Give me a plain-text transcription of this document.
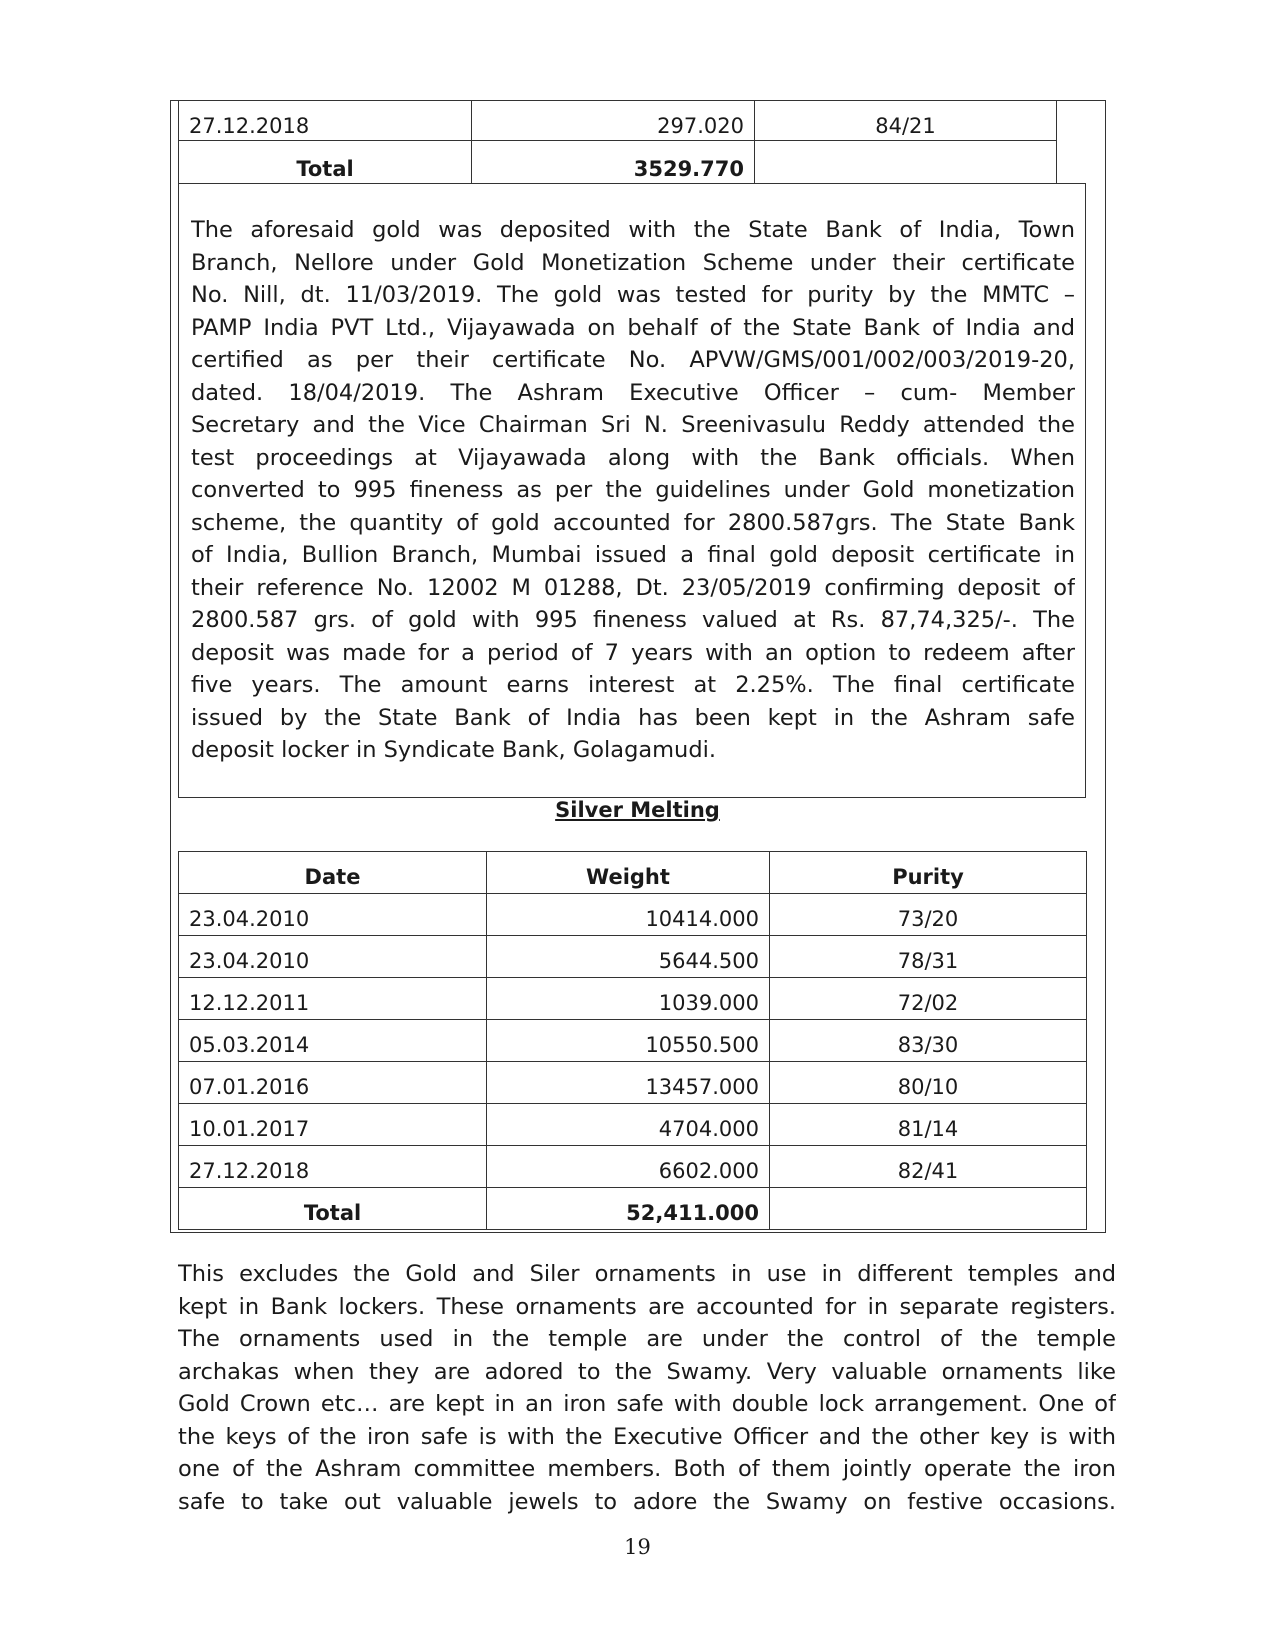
27.12.2018	297.020	84/21
Total	3529.770	

The aforesaid gold was deposited with the State Bank of India, Town
Branch, Nellore under Gold Monetization Scheme under their certificate
No. Nill, dt. 11/03/2019. The gold was tested for purity by the MMTC –
PAMP India PVT Ltd., Vijayawada on behalf of the State Bank of India and
certified as per their certificate No. APVW/GMS/001/002/003/2019-20,
dated. 18/04/2019. The Ashram Executive Officer – cum- Member
Secretary and the Vice Chairman Sri N. Sreenivasulu Reddy attended the
test proceedings at Vijayawada along with the Bank officials. When
converted to 995 fineness as per the guidelines under Gold monetization
scheme, the quantity of gold accounted for 2800.587grs. The State Bank
of India, Bullion Branch, Mumbai issued a final gold deposit certificate in
their reference No. 12002 M 01288, Dt. 23/05/2019 confirming deposit of
2800.587 grs. of gold with 995 fineness valued at Rs. 87,74,325/-. The
deposit was made for a period of 7 years with an option to redeem after
five years. The amount earns interest at 2.25%. The final certificate
issued by the State Bank of India has been kept in the Ashram safe
deposit locker in Syndicate Bank, Golagamudi.

Silver Melting
Date	Weight	Purity
23.04.2010	10414.000	73/20
23.04.2010	5644.500	78/31
12.12.2011	1039.000	72/02
05.03.2014	10550.500	83/30
07.01.2016	13457.000	80/10
10.01.2017	4704.000	81/14
27.12.2018	6602.000	82/41
Total	52,411.000	

This excludes the Gold and Siler ornaments in use in different temples and
kept in Bank lockers. These ornaments are accounted for in separate registers.
The ornaments used in the temple are under the control of the temple
archakas when they are adored to the Swamy. Very valuable ornaments like
Gold Crown etc… are kept in an iron safe with double lock arrangement. One of
the keys of the iron safe is with the Executive Officer and the other key is with
one of the Ashram committee members. Both of them jointly operate the iron
safe to take out valuable jewels to adore the Swamy on festive occasions.

19
